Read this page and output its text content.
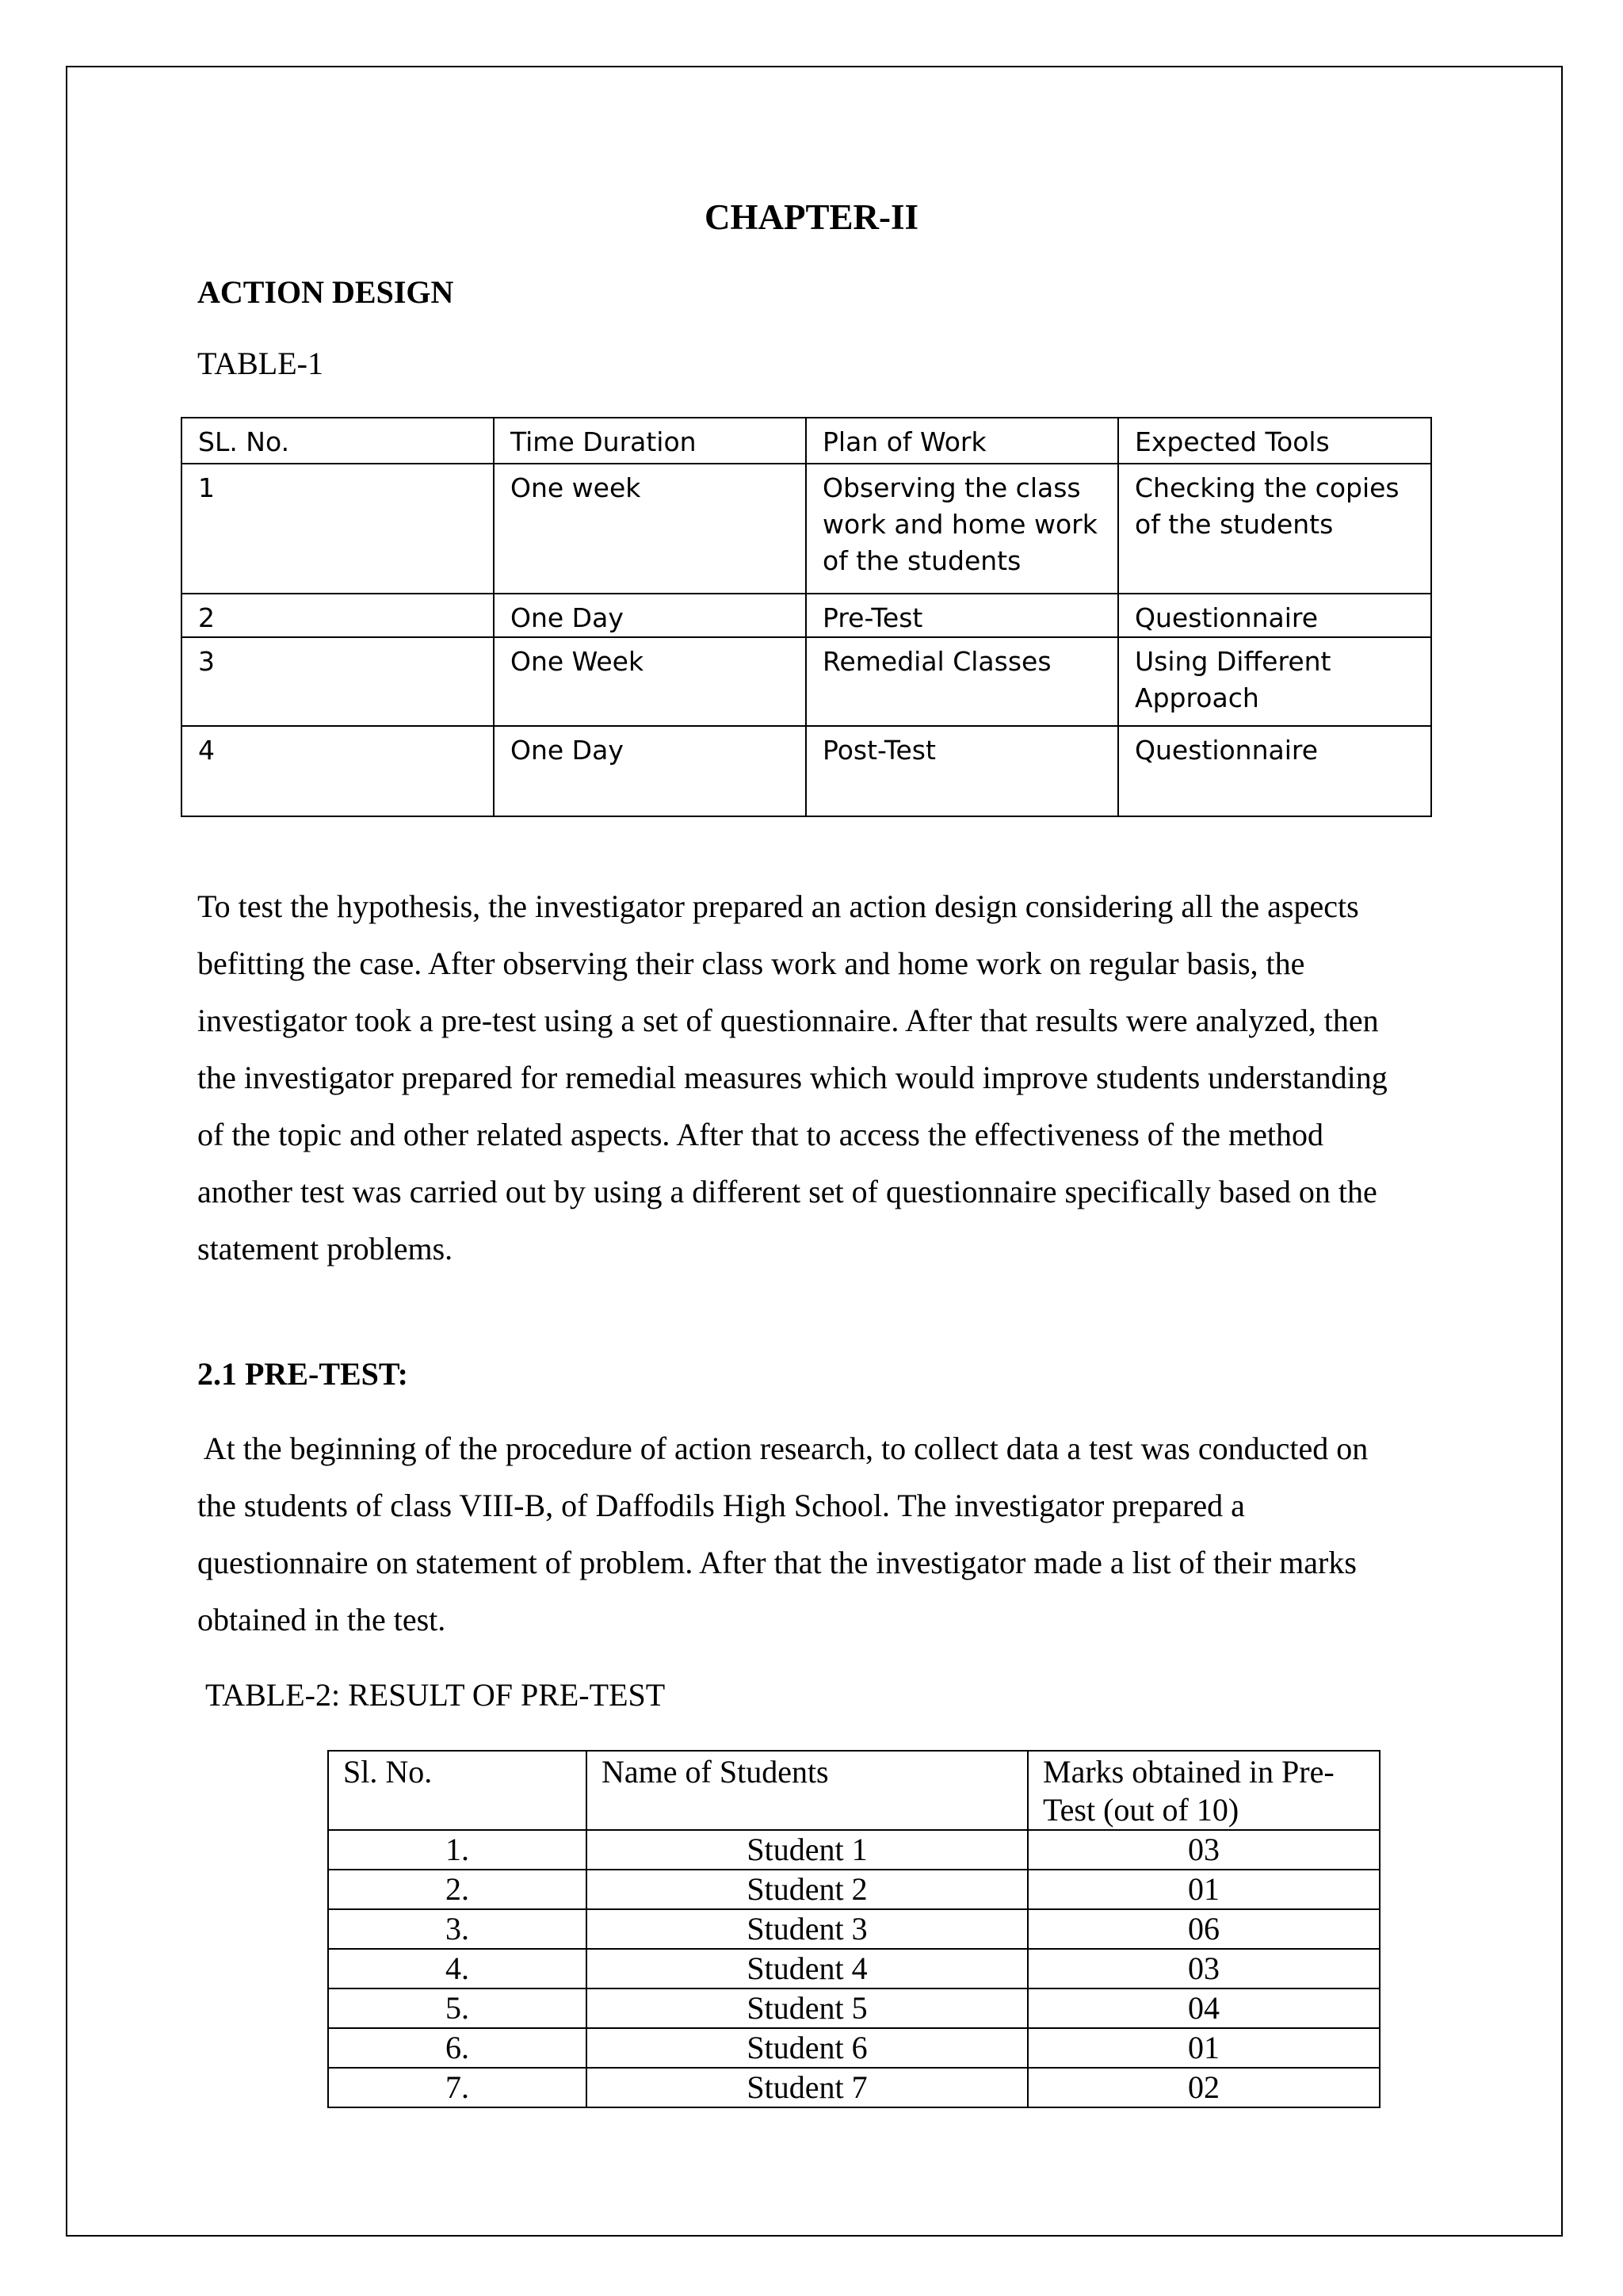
CHAPTER-II
ACTION DESIGN
TABLE-1
SL. No.	Time Duration	Plan of Work	Expected Tools
1	One week	Observing the class work and home work of the students	Checking the copies of the students
2	One Day	Pre-Test	Questionnaire
3	One Week	Remedial Classes	Using Different Approach
4	One Day	Post-Test	Questionnaire
To test the hypothesis, the investigator prepared an action design considering all the aspects
befitting the case. After observing their class work and home work on regular basis, the
investigator took a pre-test using a set of questionnaire. After that results were analyzed, then
the investigator prepared for remedial measures which would improve students understanding
of the topic and other related aspects. After that to access the effectiveness of the method
another test was carried out by using a different set of questionnaire specifically based on the
statement problems.
2.1 PRE-TEST:
At the beginning of the procedure of action research, to collect data a test was conducted on
the students of class VIII-B, of Daffodils High School. The investigator prepared a
questionnaire on statement of problem. After that the investigator made a list of their marks
obtained in the test.
TABLE-2: RESULT OF PRE-TEST
Sl. No.	Name of Students	Marks obtained in Pre-Test (out of 10)
1.	Student 1	03
2.	Student 2	01
3.	Student 3	06
4.	Student 4	03
5.	Student 5	04
6.	Student 6	01
7.	Student 7	02
